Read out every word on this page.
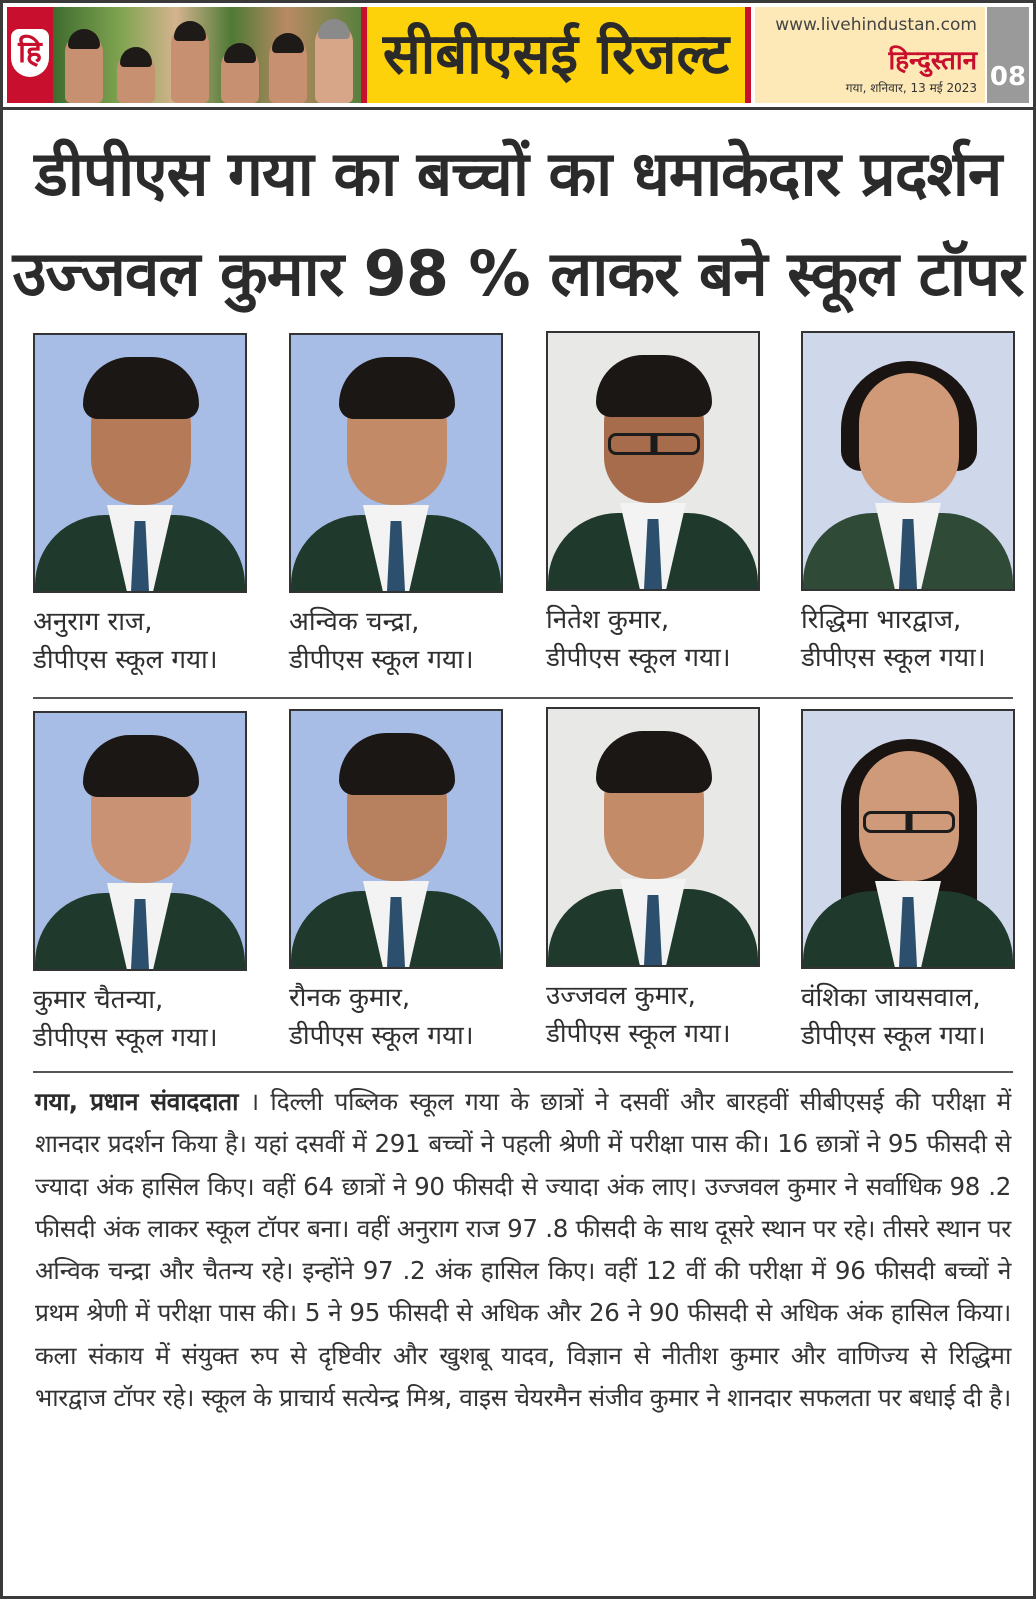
हि	सीबीएसई रिजल्ट	www.livehindustan.com
हिन्दुस्तान
गया, शनिवार, 13 मई 2023 08
डीपीएस गया का बच्चों का धमाकेदार प्रदर्शन
उज्जवल कुमार 98 % लाकर बने स्कूल टॉपर
अनुराग राज,
डीपीएस स्कूल गया।
अन्विक चन्द्रा,
डीपीएस स्कूल गया।
नितेश कुमार,
डीपीएस स्कूल गया।
रिद्धिमा भारद्वाज,
डीपीएस स्कूल गया।
कुमार चैतन्या,
डीपीएस स्कूल गया।
रौनक कुमार,
डीपीएस स्कूल गया।
उज्जवल कुमार,
डीपीएस स्कूल गया।
वंशिका जायसवाल,
डीपीएस स्कूल गया।
गया, प्रधान संवाददाता । दिल्ली पब्लिक स्कूल गया के छात्रों ने दसवीं और बारहवीं सीबीएसई की परीक्षा में शानदार प्रदर्शन किया है। यहां दसवीं में 291 बच्चों ने पहली श्रेणी में परीक्षा पास की। 16 छात्रों ने 95 फीसदी से ज्यादा अंक हासिल किए। वहीं 64 छात्रों ने 90 फीसदी से ज्यादा अंक लाए। उज्जवल कुमार ने सर्वाधिक 98 .2 फीसदी अंक लाकर स्कूल टॉपर बना। वहीं अनुराग राज 97 .8 फीसदी के साथ दूसरे स्थान पर रहे। तीसरे स्थान पर अन्विक चन्द्रा और चैतन्य रहे। इन्होंने 97 .2 अंक हासिल किए। वहीं 12 वीं की परीक्षा में 96 फीसदी बच्चों ने प्रथम श्रेणी में परीक्षा पास की। 5 ने 95 फीसदी से अधिक और 26 ने 90 फीसदी से अधिक अंक हासिल किया। कला संकाय में संयुक्त रुप से दृष्टिवीर और खुशबू यादव, विज्ञान से नीतीश कुमार और वाणिज्य से रिद्धिमा भारद्वाज टॉपर रहे। स्कूल के प्राचार्य सत्येन्द्र मिश्र, वाइस चेयरमैन संजीव कुमार ने शानदार सफलता पर बधाई दी है।
